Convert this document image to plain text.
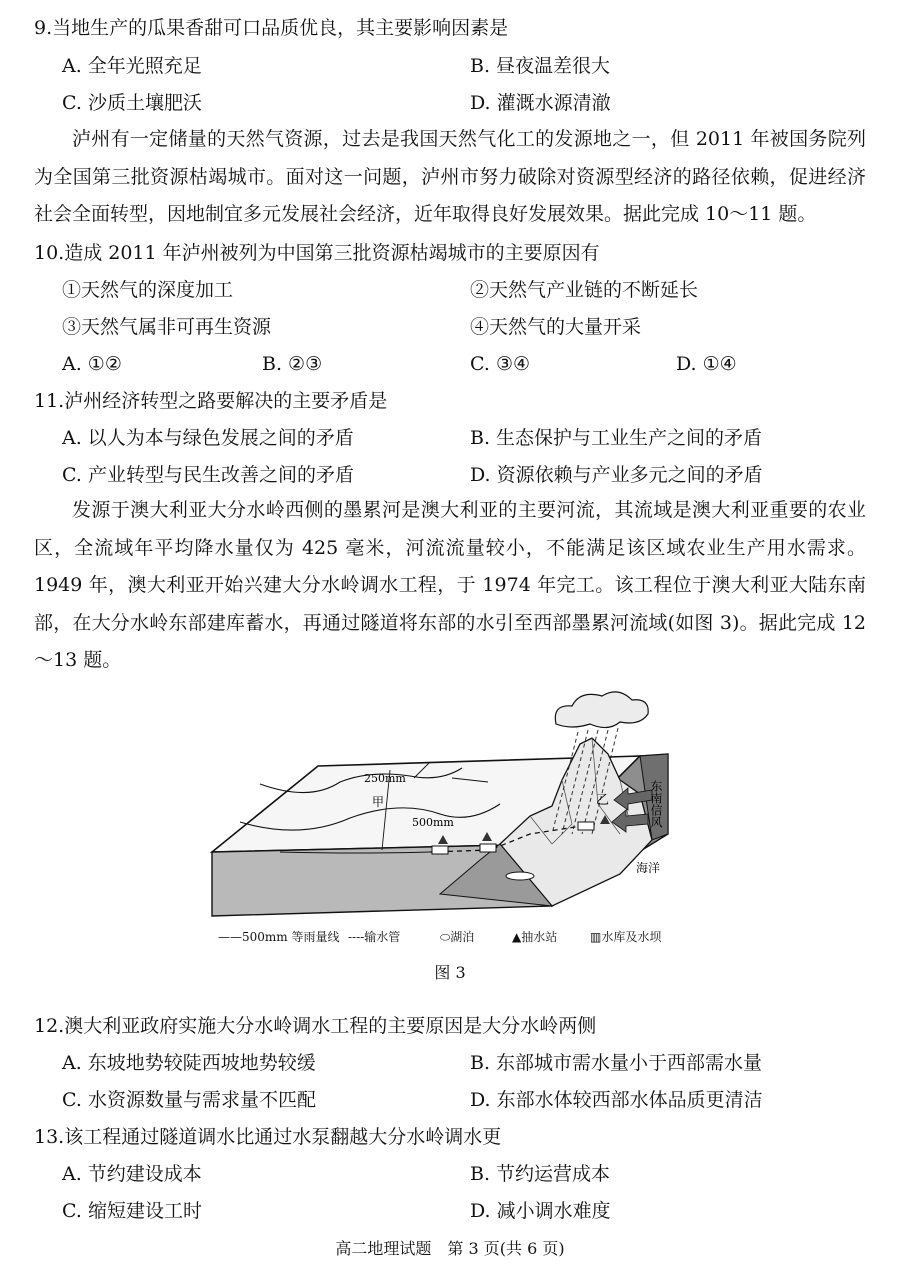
9.当地生产的瓜果香甜可口品质优良，其主要影响因素是
A. 全年光照充足	B. 昼夜温差很大
C. 沙质土壤肥沃	D. 灌溉水源清澈
泸州有一定储量的天然气资源，过去是我国天然气化工的发源地之一，但 2011 年被国务院列为全国第三批资源枯竭城市。面对这一问题，泸州市努力破除对资源型经济的路径依赖，促进经济社会全面转型，因地制宜多元发展社会经济，近年取得良好发展效果。据此完成 10～11 题。
10.造成 2011 年泸州被列为中国第三批资源枯竭城市的主要原因有
①天然气的深度加工	②天然气产业链的不断延长
③天然气属非可再生资源	④天然气的大量开采
A. ①②	B. ②③	C. ③④	D. ①④
11.泸州经济转型之路要解决的主要矛盾是
A. 以人为本与绿色发展之间的矛盾	B. 生态保护与工业生产之间的矛盾
C. 产业转型与民生改善之间的矛盾	D. 资源依赖与产业多元之间的矛盾
发源于澳大利亚大分水岭西侧的墨累河是澳大利亚的主要河流，其流域是澳大利亚重要的农业区，全流域年平均降水量仅为 425 毫米，河流流量较小，不能满足该区域农业生产用水需求。1949 年，澳大利亚开始兴建大分水岭调水工程，于 1974 年完工。该工程位于澳大利亚大陆东南部，在大分水岭东部建库蓄水，再通过隧道将东部的水引至西部墨累河流域(如图 3)。据此完成 12～13 题。
250mm
甲
500mm
乙
海洋
东南信风
——500mm 等雨量线 ----输水管	⬭湖泊	▲抽水站	▥水库及水坝
图 3
12.澳大利亚政府实施大分水岭调水工程的主要原因是大分水岭两侧
A. 东坡地势较陡西坡地势较缓	B. 东部城市需水量小于西部需水量
C. 水资源数量与需求量不匹配	D. 东部水体较西部水体品质更清洁
13.该工程通过隧道调水比通过水泵翻越大分水岭调水更
A. 节约建设成本	B. 节约运营成本
C. 缩短建设工时	D. 减小调水难度
高二地理试题　第 3 页(共 6 页)
